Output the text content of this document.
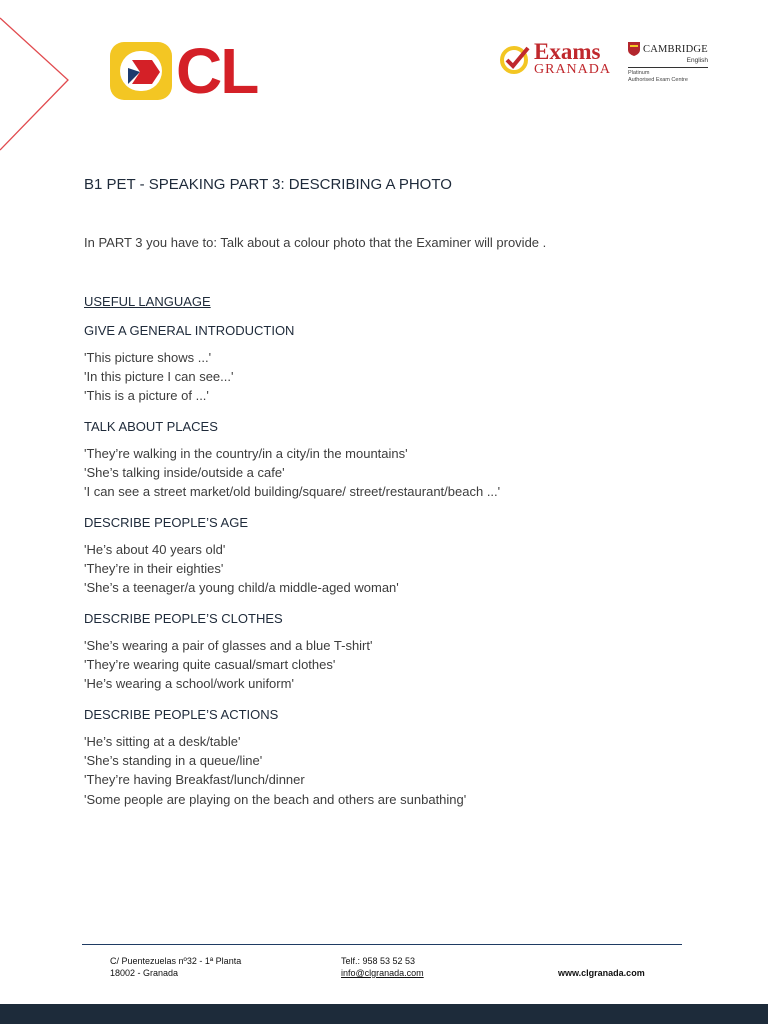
CL	Exams
GRANADA
CAMBRIDGE
English
Platinum
Authorised Exam Centre
B1 PET - SPEAKING PART 3: DESCRIBING A PHOTO
In PART 3 you have to: Talk about a colour photo that the Examiner will provide .
USEFUL LANGUAGE
GIVE A GENERAL INTRODUCTION
'This picture shows ...'
'In this picture I can see...'
'This is a picture of ...'
TALK ABOUT PLACES
'They’re walking in the country/in a city/in the mountains'
'She’s talking inside/outside a cafe'
'I can see a street market/old building/square/ street/restaurant/beach ...'
DESCRIBE PEOPLE’S AGE
'He’s about 40 years old'
'They’re in their eighties'
'She’s a teenager/a young child/a middle-aged woman'
DESCRIBE PEOPLE’S CLOTHES
'She’s wearing a pair of glasses and a blue T-shirt'
'They’re wearing quite casual/smart clothes'
'He’s wearing a school/work uniform'
DESCRIBE PEOPLE’S ACTIONS
'He’s sitting at a desk/table'
'She’s standing in a queue/line'
'They’re having Breakfast/lunch/dinner
'Some people are playing on the beach and others are sunbathing'
C/ Puentezuelas nº32 - 1ª Planta
18002 - Granada
Telf.: 958 53 52 53
info@clgranada.com	www.clgranada.com
